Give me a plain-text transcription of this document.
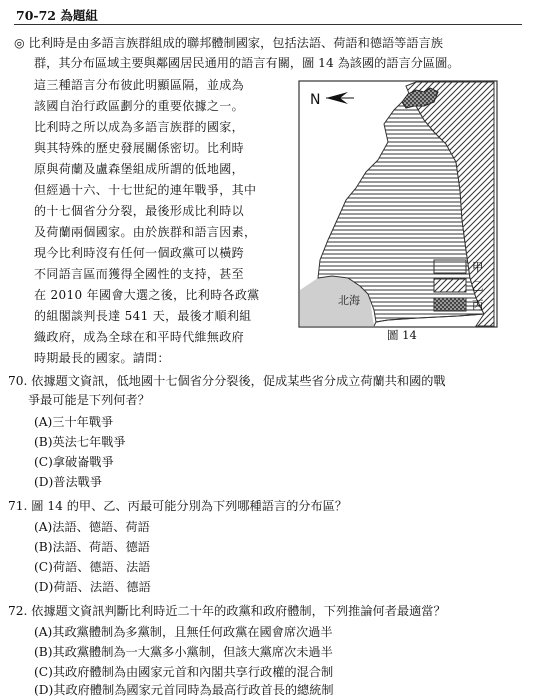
70-72 為題組
◎ 比利時是由多語言族群組成的聯邦體制國家，包括法語、荷語和德語等語言族
群，其分布區域主要與鄰國居民通用的語言有關，圖 14 為該國的語言分區圖。
這三種語言分布彼此明顯區隔，並成為
該國自治行政區劃分的重要依據之一。
比利時之所以成為多語言族群的國家，
與其特殊的歷史發展關係密切。比利時
原與荷蘭及盧森堡組成所謂的低地國，
但經過十六、十七世紀的連年戰爭，其中
的十七個省分分裂，最後形成比利時以
及荷蘭兩個國家。由於族群和語言因素，
現今比利時沒有任何一個政黨可以橫跨
不同語言區而獲得全國性的支持，甚至
在 2010 年國會大選之後，比利時各政黨
的組閣談判長達 541 天，最後才順利組
織政府，成為全球在和平時代維無政府
時期最長的國家。請問：
北海
N
甲
乙
丙
圖 14
70. 依據題文資訊，低地國十七個省分分裂後，促成某些省分成立荷蘭共和國的戰
爭最可能是下列何者？
(A)三十年戰爭
(B)英法七年戰爭
(C)拿破崙戰爭
(D)普法戰爭
71. 圖 14 的甲、乙、丙最可能分別為下列哪種語言的分布區？
(A)法語、德語、荷語
(B)法語、荷語、德語
(C)荷語、德語、法語
(D)荷語、法語、德語
72. 依據題文資訊判斷比利時近二十年的政黨和政府體制，下列推論何者最適當？
(A)其政黨體制為多黨制，且無任何政黨在國會席次過半
(B)其政黨體制為一大黨多小黨制，但該大黨席次未過半
(C)其政府體制為由國家元首和內閣共享行政權的混合制
(D)其政府體制為國家元首同時為最高行政首長的總統制
